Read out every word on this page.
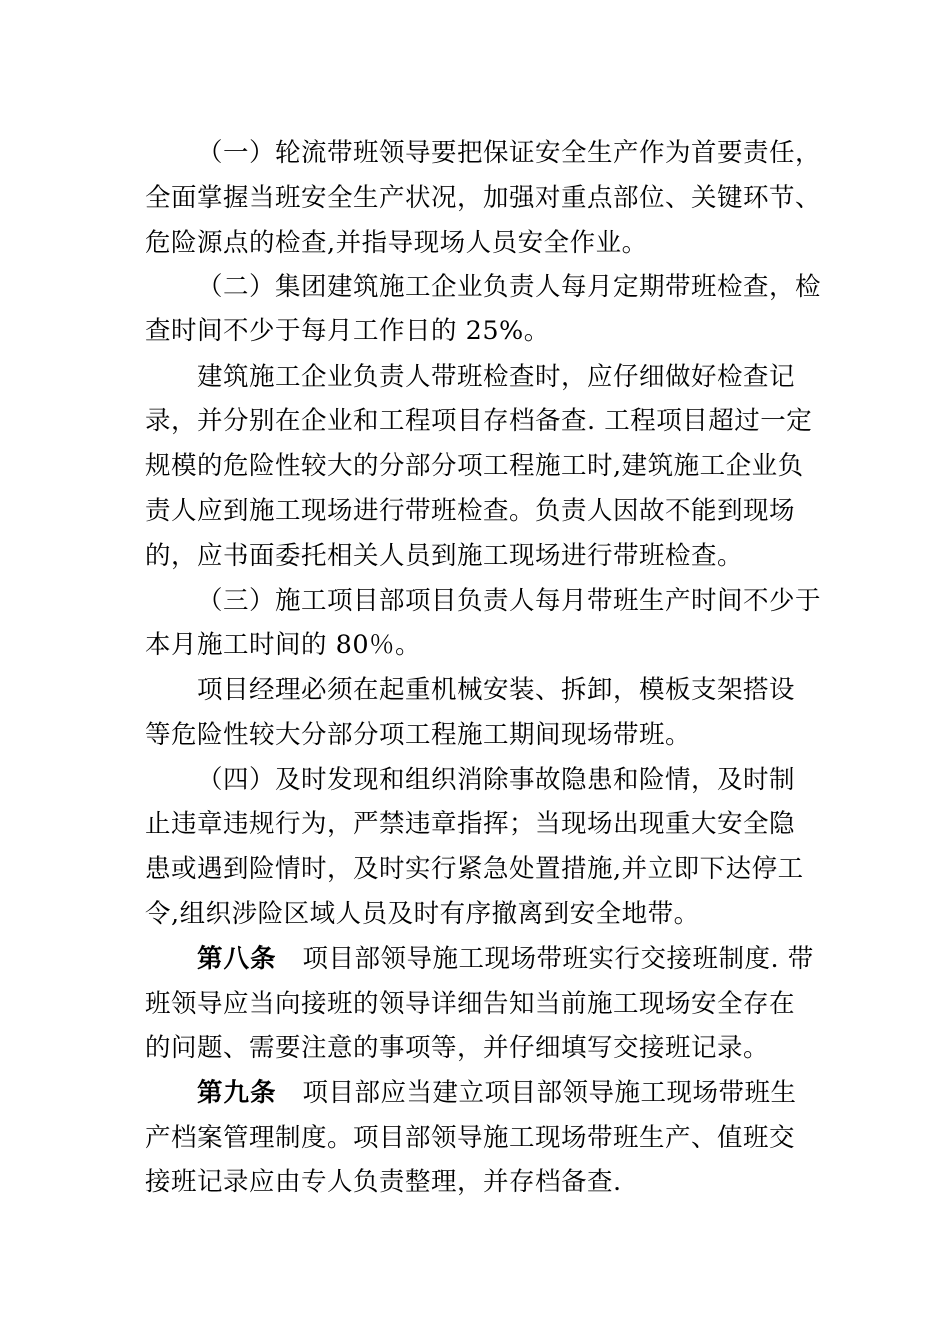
（一）轮流带班领导要把保证安全生产作为首要责任，
全面掌握当班安全生产状况，加强对重点部位、关键环节、
危险源点的检查,并指导现场人员安全作业。
（二）集团建筑施工企业负责人每月定期带班检查，检
查时间不少于每月工作日的 25%。
建筑施工企业负责人带班检查时，应仔细做好检查记
录，并分别在企业和工程项目存档备查. 工程项目超过一定
规模的危险性较大的分部分项工程施工时,建筑施工企业负
责人应到施工现场进行带班检查。负责人因故不能到现场
的，应书面委托相关人员到施工现场进行带班检查。
（三）施工项目部项目负责人每月带班生产时间不少于
本月施工时间的 80％。
项目经理必须在起重机械安装、拆卸，模板支架搭设
等危险性较大分部分项工程施工期间现场带班。
（四）及时发现和组织消除事故隐患和险情，及时制
止违章违规行为，严禁违章指挥；当现场出现重大安全隐
患或遇到险情时，及时实行紧急处置措施,并立即下达停工
令,组织涉险区域人员及时有序撤离到安全地带。
第八条 项目部领导施工现场带班实行交接班制度. 带
班领导应当向接班的领导详细告知当前施工现场安全存在
的问题、需要注意的事项等，并仔细填写交接班记录。
第九条 项目部应当建立项目部领导施工现场带班生
产档案管理制度。项目部领导施工现场带班生产、值班交
接班记录应由专人负责整理，并存档备查.
